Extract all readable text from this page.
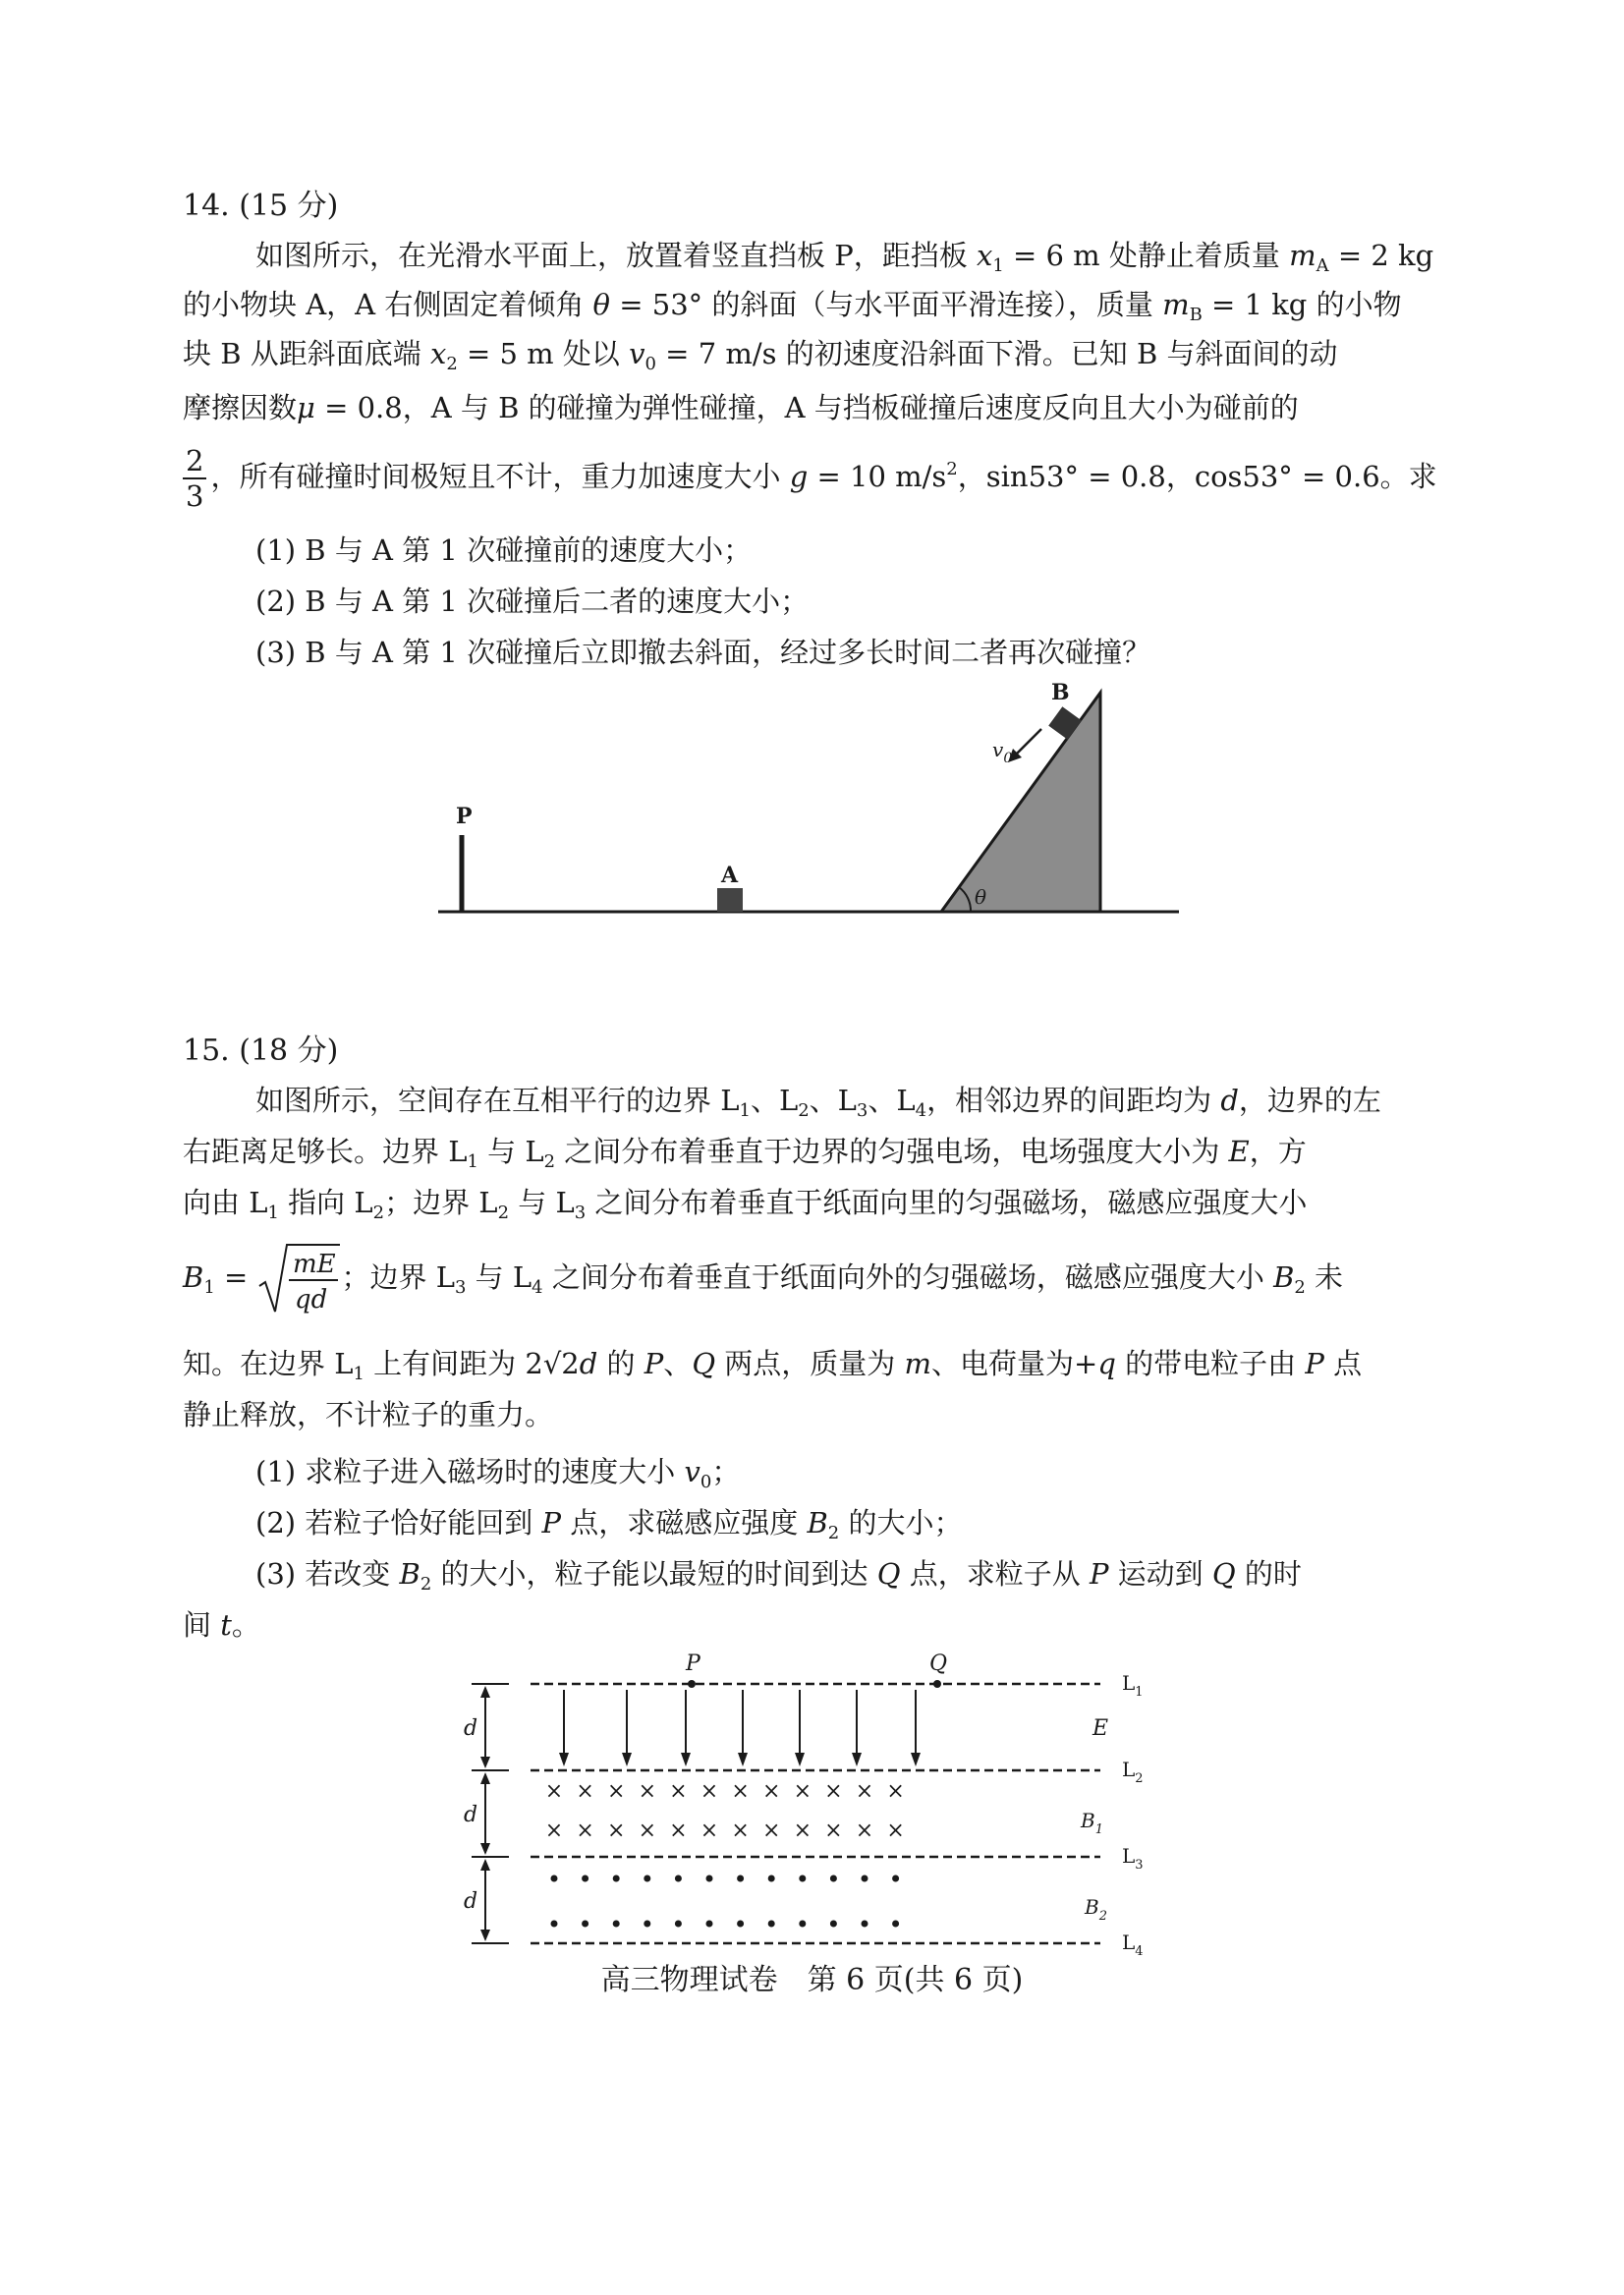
14. (15 分)
如图所示，在光滑水平面上，放置着竖直挡板 P，距挡板 $x_1 = 6$ m 处静止着质量 $m_A = 2$ kg
的小物块 A，A 右侧固定着倾角 θ = 53° 的斜面（与水平面平滑连接），质量 $m_B = 1$ kg 的小物
块 B 从距斜面底端 $x_2 = 5$ m 处以 $v_0 = 7$ m/s 的初速度沿斜面下滑。已知 B 与斜面间的动
摩擦因数μ = 0.8，A 与 B 的碰撞为弹性碰撞，A 与挡板碰撞后速度反向且大小为碰前的
$\frac{2}{3}$ ，所有碰撞时间极短且不计，重力加速度大小 g = 10 $m/s^2$，sin53° = 0.8，cos53° = 0.6。求
(1) B 与 A 第 1 次碰撞前的速度大小；
(2) B 与 A 第 1 次碰撞后二者的速度大小；
(3) B 与 A 第 1 次碰撞后立即撤去斜面，经过多长时间二者再次碰撞？
P
A
θ
B
$v_0$
15. (18 分)
如图所示，空间存在互相平行的边界 $L_1$、$L_2$、$L_3$、$L_4$，相邻边界的间距均为 d，边界的左
右距离足够长。边界 $L_1$ 与 $L_2$ 之间分布着垂直于边界的匀强电场，电场强度大小为 E，方
向由 $L_1$ 指向 $L_2$；边界 $L_2$ 与 $L_3$ 之间分布着垂直于纸面向里的匀强磁场，磁感应强度大小
$B_1$ = mE
qd
；边界 $L_3$ 与 $L_4$ 之间分布着垂直于纸面向外的匀强磁场，磁感应强度大小 $B_2$ 未
知。在边界 $L_1$ 上有间距为 2√2d 的 P、Q 两点，质量为 m、电荷量为+q 的带电粒子由 P 点
静止释放，不计粒子的重力。
(1) 求粒子进入磁场时的速度大小 $v_0$；
(2) 若粒子恰好能回到 P 点，求磁感应强度 $B_2$ 的大小；
(3) 若改变 $B_2$ 的大小，粒子能以最短的时间到达 Q 点，求粒子从 P 运动到 Q 的时
间 t。
$L_1$
$L_2$
$L_3$
$L_4$
P	Q
E
$B_1$
$B_2$
d
d
d
× × × × × × × × × × × ×
× × × × × × × × × × × ×
高三物理试卷　第 6 页(共 6 页)
